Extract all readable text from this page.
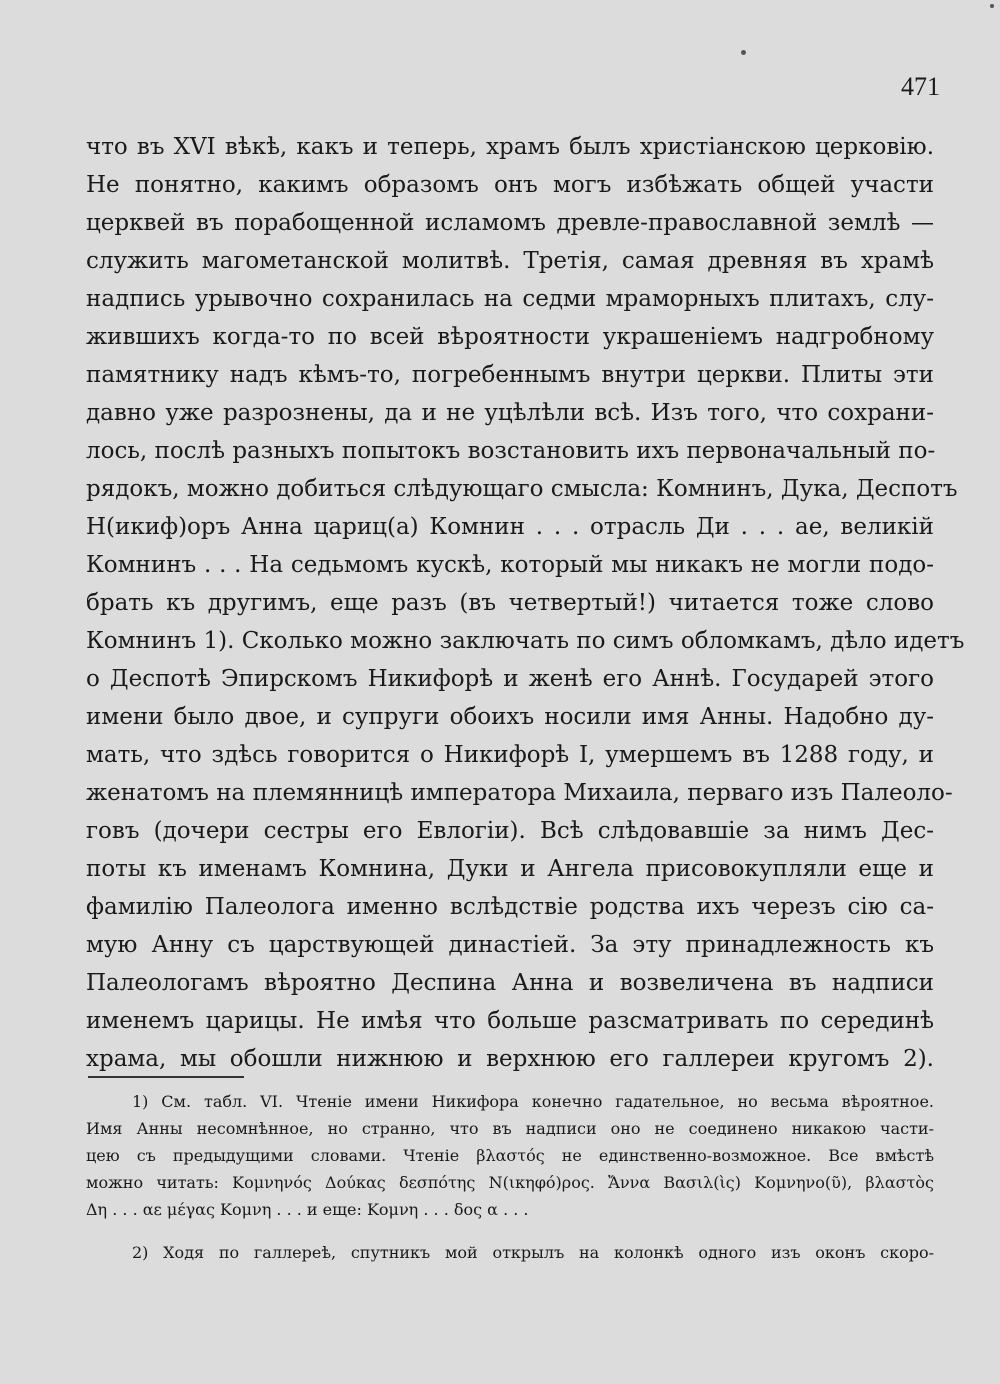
471
что въ XVI вѣкѣ, какъ и теперь, храмъ былъ христіанскою церковію.
Не понятно, какимъ образомъ онъ могъ избѣжать общей участи
церквей въ порабощенной исламомъ древле-православной землѣ —
служить магометанской молитвѣ. Третія, самая древняя въ храмѣ
надпись урывочно сохранилась на седми мраморныхъ плитахъ, слу-
жившихъ когда-то по всей вѣроятности украшеніемъ надгробному
памятнику надъ кѣмъ-то, погребеннымъ внутри церкви. Плиты эти
давно уже разрознены, да и не уцѣлѣли всѣ. Изъ того, что сохрани-
лось, послѣ разныхъ попытокъ возстановить ихъ первоначальный по-
рядокъ, можно добиться слѣдующаго смысла: Комнинъ, Дука, Деспотъ
Н(икиф)оръ Анна цариц(а) Комнин . . . отрасль Ди . . . ае, великій
Комнинъ . . . На седьмомъ кускѣ, который мы никакъ не могли подо-
брать къ другимъ, еще разъ (въ четвертый!) читается тоже слово
Комнинъ 1). Сколько можно заключать по симъ обломкамъ, дѣло идетъ
о Деспотѣ Эпирскомъ Никифорѣ и женѣ его Аннѣ. Государей этого
имени было двое, и супруги обоихъ носили имя Анны. Надобно ду-
мать, что здѣсь говорится о Никифорѣ I, умершемъ въ 1288 году, и
женатомъ на племянницѣ императора Михаила, перваго изъ Палеоло-
говъ (дочери сестры его Евлогіи). Всѣ слѣдовавшіе за нимъ Дес-
поты къ именамъ Комнина, Дуки и Ангела присовокупляли еще и
фамилію Палеолога именно вслѣдствіе родства ихъ черезъ сію са-
мую Анну съ царствующей династіей. За эту принадлежность къ
Палеологамъ вѣроятно Деспина Анна и возвеличена въ надписи
именемъ царицы. Не имѣя что больше разсматривать по серединѣ
храма, мы обошли нижнюю и верхнюю его галлереи кругомъ 2).
1) См. табл. VI. Чтеніе имени Никифора конечно гадательное, но весьма вѣроятное.
Имя Анны несомнѣнное, но странно, что въ надписи оно не соединено никакою части-
цею съ предыдущими словами. Чтеніе βλαστός не единственно-возможное. Все вмѣстѣ
можно читать: Κομνηνός Δούκας δεσπότης Ν(ικηφό)ρος. Ἄννα Βασιλ(ὶς) Κομνηνο(ῦ), βλαστὸς
Δη . . . αε μέγας Κομνη . . . и еще: Κομνη . . . δος α . . .
2) Ходя по галлереѣ, спутникъ мой открылъ на колонкѣ одного изъ оконъ скоро-
